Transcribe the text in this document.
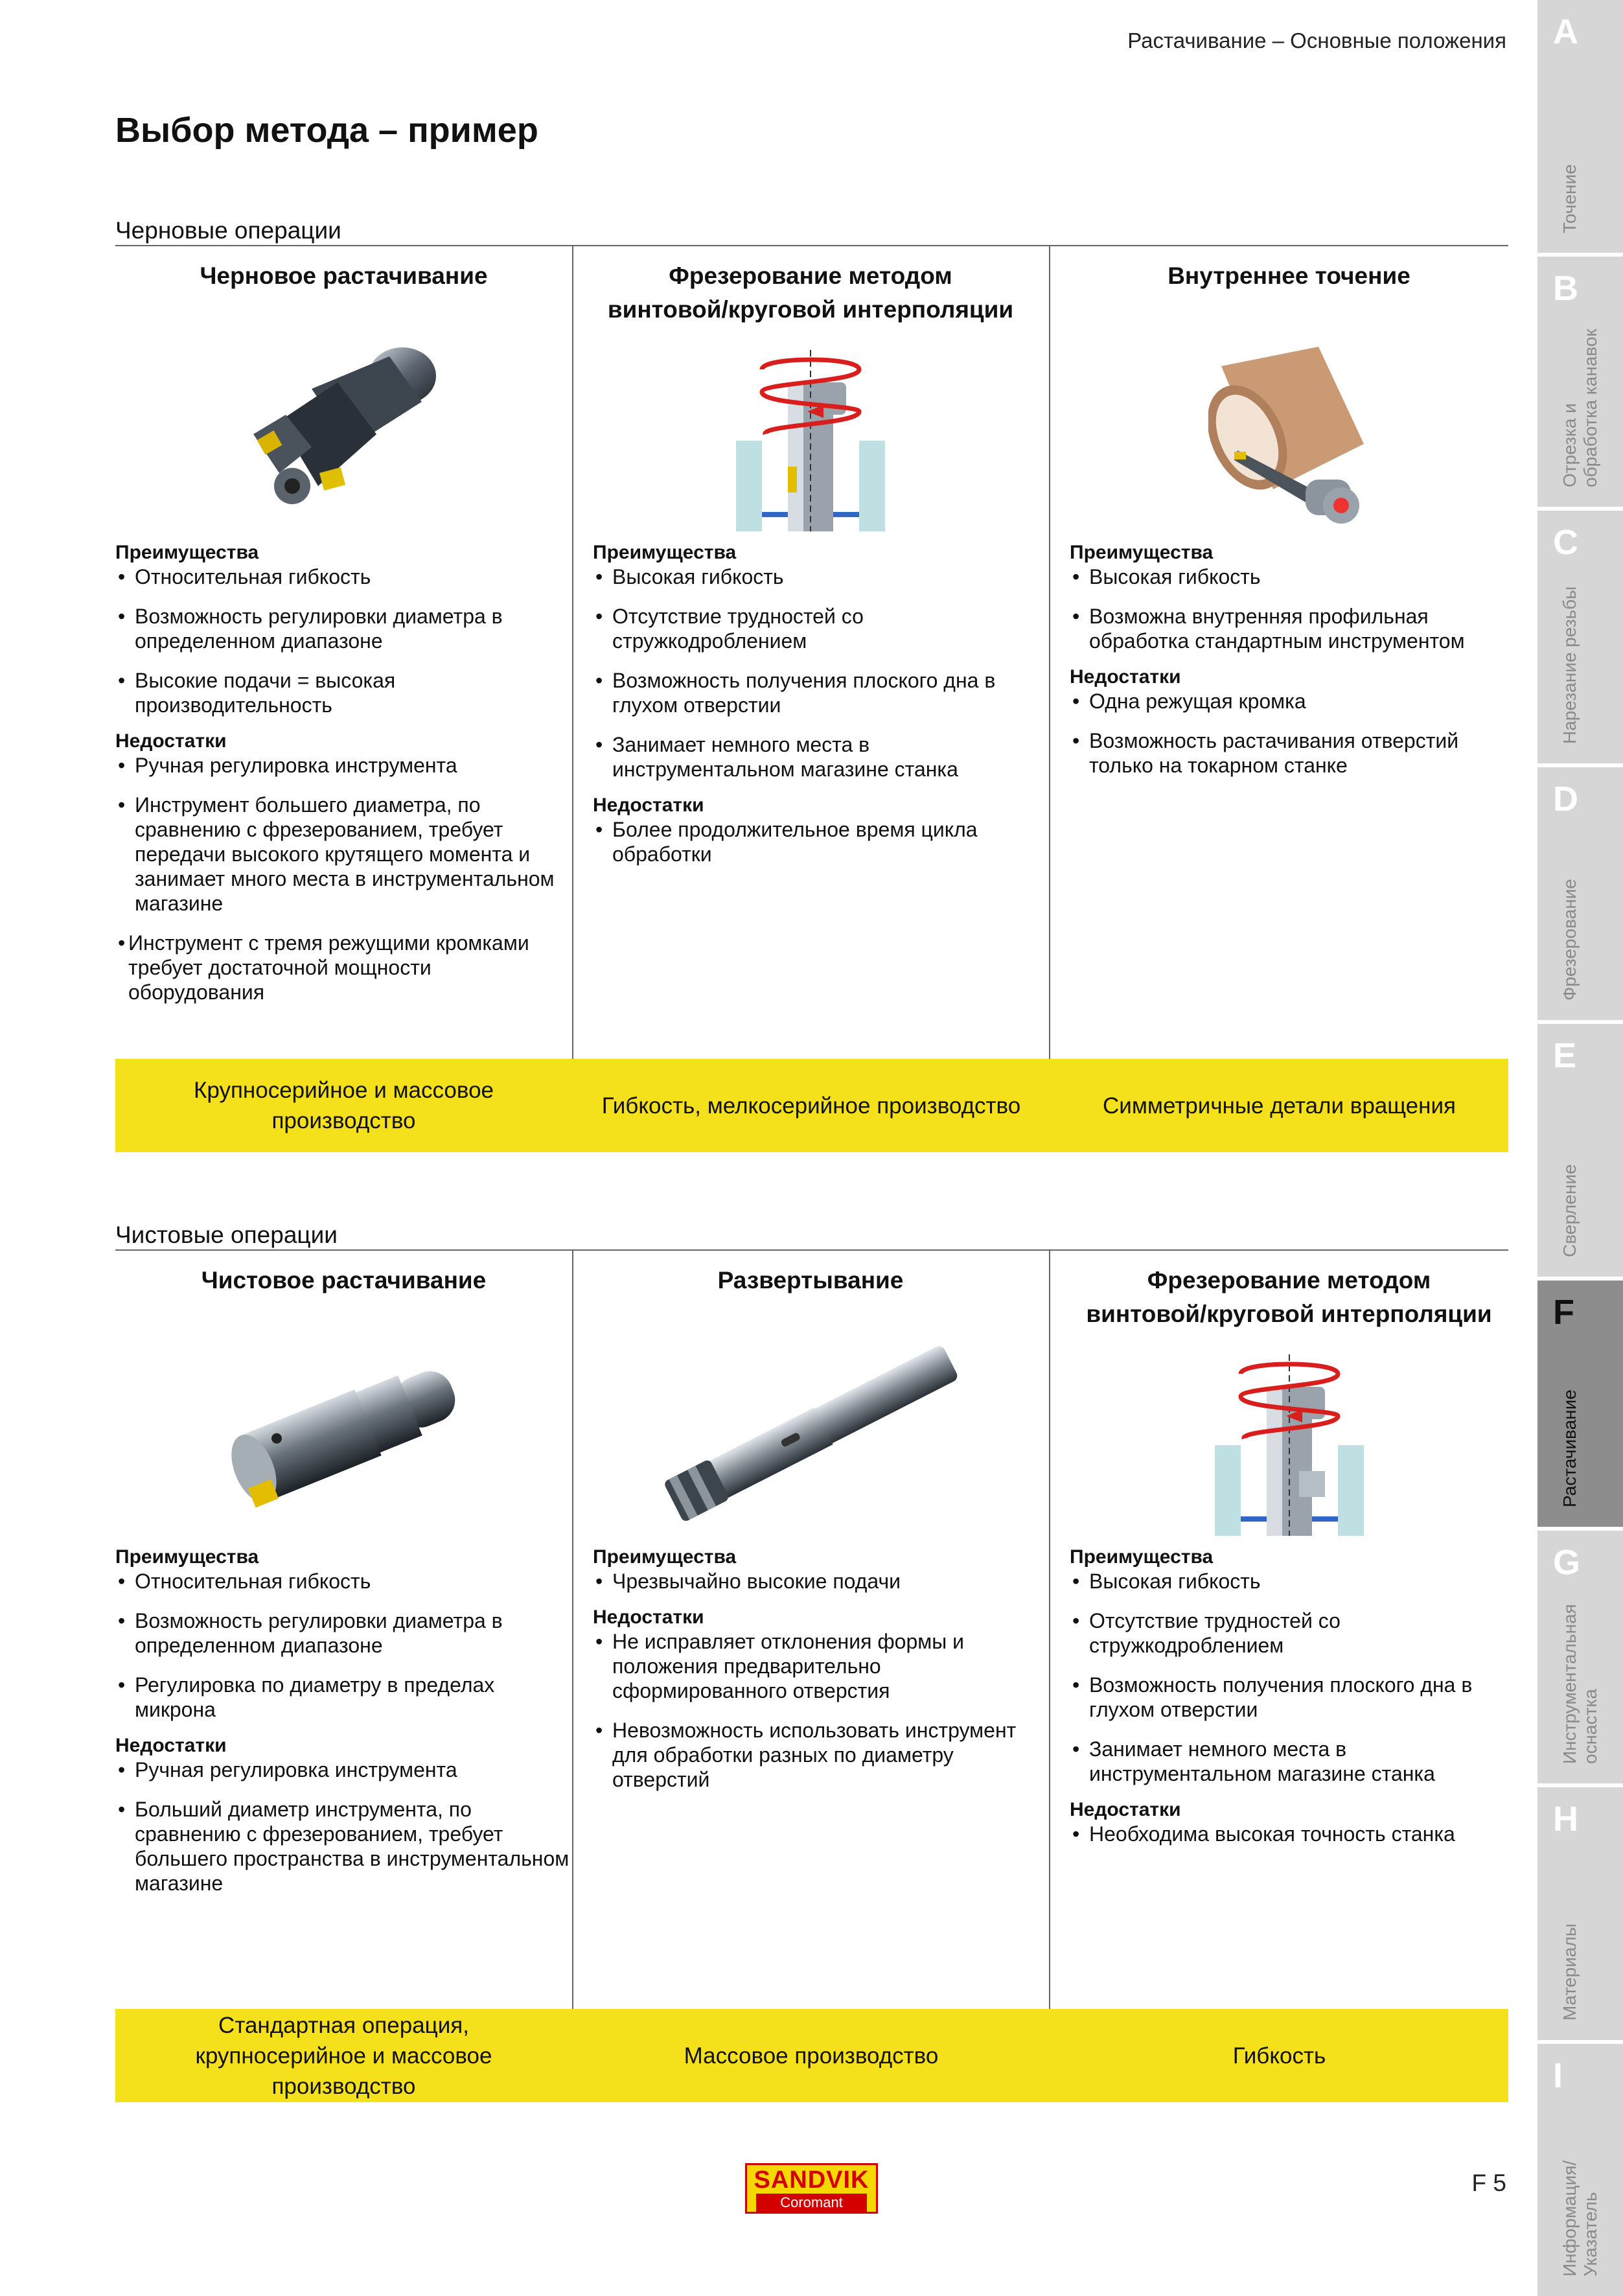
Растачивание – Основные положения
Выбор метода – пример
Черновые операции
Черновое растачивание
Преимущества
• Относительная гибкость
• Возможность регулировки диаметра в определенном диапазоне
• Высокие подачи = высокая производительность
Недостатки
• Ручная регулировка инструмента
• Инструмент большего диаметра, по сравнению с фрезерованием, требует передачи высокого крутящего момента и занимает много места в инструментальном магазине
• Инструмент с тремя режущими кромками требует достаточной мощности оборудования
Фрезерование методом
винтовой/круговой интерполяции
Преимущества
• Высокая гибкость
• Отсутствие трудностей со стружкодроблением
• Возможность получения плоского дна в глухом отверстии
• Занимает немного места в инструментальном магазине станка
Недостатки
• Более продолжительное время цикла обработки
Внутреннее точение
Преимущества
• Высокая гибкость
• Возможна внутренняя профильная обработка стандартным инструментом
Недостатки
• Одна режущая кромка
• Возможность растачивания отверстий только на токарном станке
Крупносерийное и массовое
производство
Гибкость, мелкосерийное производство	Симметричные детали вращения
Чистовые операции
Чистовое растачивание
Преимущества
• Относительная гибкость
• Возможность регулировки диаметра в определенном диапазоне
• Регулировка по диаметру в пределах микрона
Недостатки
• Ручная регулировка инструмента
• Больший диаметр инструмента, по сравнению с фрезерованием, требует большего пространства в инструментальном магазине
Развертывание
Преимущества
• Чрезвычайно высокие подачи
Недостатки
• Не исправляет отклонения формы и положения предварительно сформированного отверстия
• Невозможность использовать инструмент для обработки разных по диаметру отверстий
Фрезерование методом
винтовой/круговой интерполяции
Преимущества
• Высокая гибкость
• Отсутствие трудностей со стружкодроблением
• Возможность получения плоского дна в глухом отверстии
• Занимает немного места в инструментальном магазине станка
Недостатки
• Необходима высокая точность станка
Стандартная операция,
крупносерийное и массовое
производство
Массовое производство	Гибкость
A
Точение
B
Отрезка и обработка канавок
C
Нарезание резьбы
D
Фрезерование
E
Сверление
F
Растачивание
G
Инструментальная оснастка
H
Материалы
I
Информация/ Указатель
SANDVIK
Coromant
F 5
